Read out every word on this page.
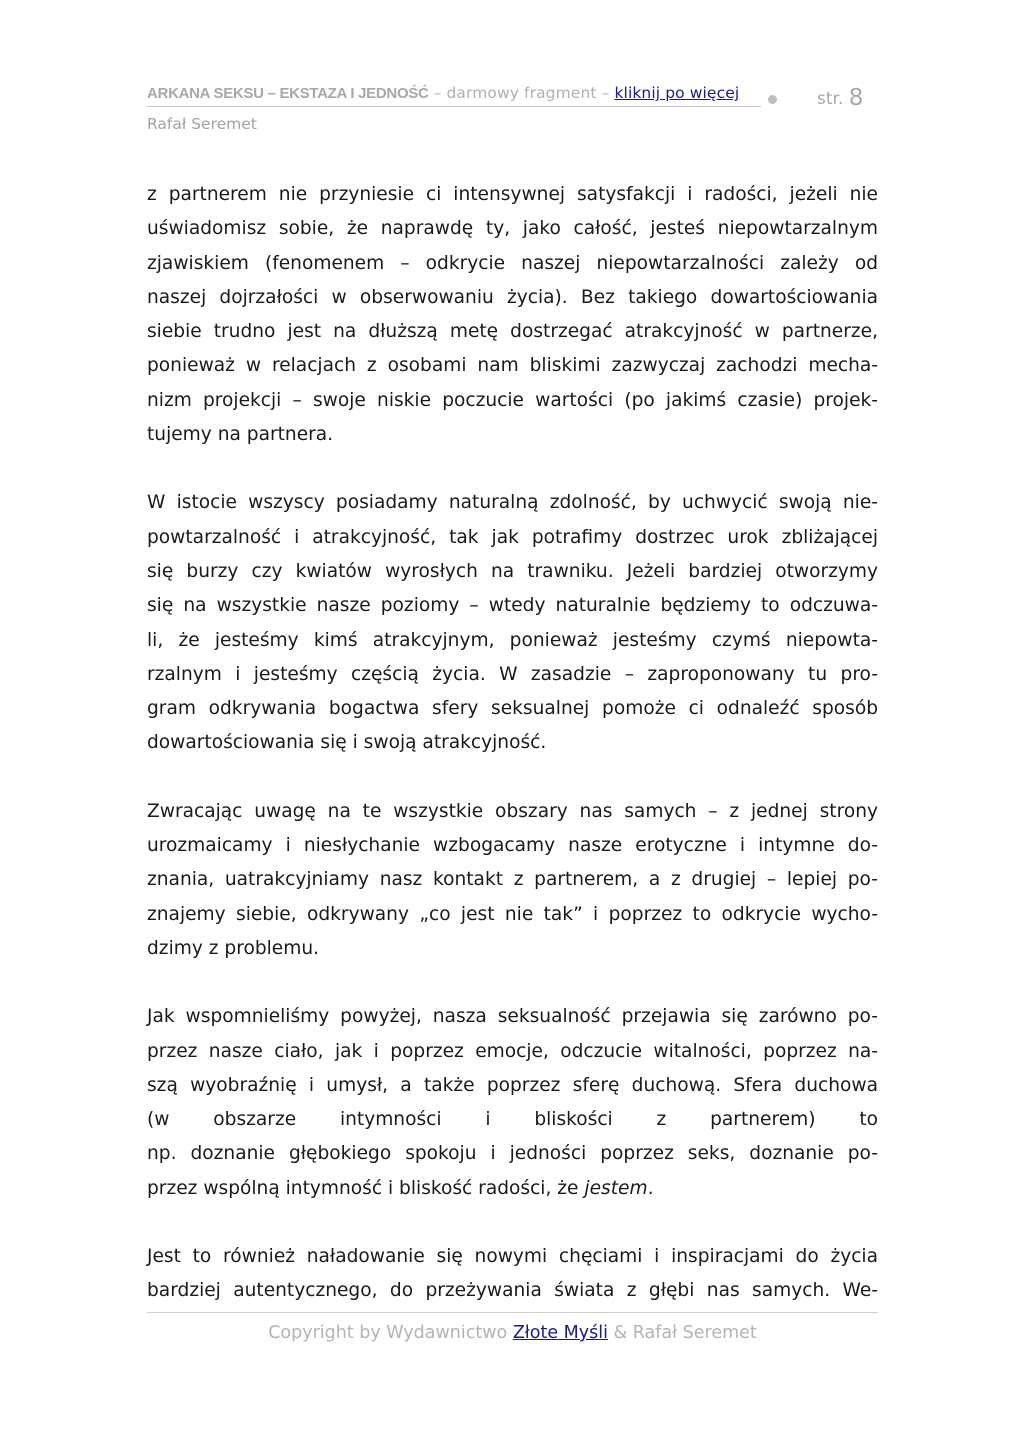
ARKANA SEKSU – EKSTAZA I JEDNOŚĆ – darmowy fragment – kliknij po więcej	str. 8
Rafał Seremet

z partnerem nie przyniesie ci intensywnej satysfakcji i radości, jeżeli nie
uświadomisz sobie, że naprawdę ty, jako całość, jesteś niepowtarzalnym
zjawiskiem (fenomenem – odkrycie naszej niepowtarzalności zależy od
naszej dojrzałości w obserwowaniu życia). Bez takiego dowartościowania
siebie trudno jest na dłuższą metę dostrzegać atrakcyjność w partnerze,
ponieważ w relacjach z osobami nam bliskimi zazwyczaj zachodzi mecha-
nizm projekcji – swoje niskie poczucie wartości (po jakimś czasie) projek-
tujemy na partnera.

W istocie wszyscy posiadamy naturalną zdolność, by uchwycić swoją nie-
powtarzalność i atrakcyjność, tak jak potrafimy dostrzec urok zbliżającej
się burzy czy kwiatów wyrosłych na trawniku. Jeżeli bardziej otworzymy
się na wszystkie nasze poziomy – wtedy naturalnie będziemy to odczuwa-
li, że jesteśmy kimś atrakcyjnym, ponieważ jesteśmy czymś niepowta-
rzalnym i jesteśmy częścią życia. W zasadzie – zaproponowany tu pro-
gram odkrywania bogactwa sfery seksualnej pomoże ci odnaleźć sposób
dowartościowania się i swoją atrakcyjność.

Zwracając uwagę na te wszystkie obszary nas samych – z jednej strony
urozmaicamy i niesłychanie wzbogacamy nasze erotyczne i intymne do-
znania, uatrakcyjniamy nasz kontakt z partnerem, a z drugiej – lepiej po-
znajemy siebie, odkrywany „co jest nie tak” i poprzez to odkrycie wycho-
dzimy z problemu.

Jak wspomnieliśmy powyżej, nasza seksualność przejawia się zarówno po-
przez nasze ciało, jak i poprzez emocje, odczucie witalności, poprzez na-
szą wyobraźnię i umysł, a także poprzez sferę duchową. Sfera duchowa
(w obszarze intymności i bliskości z partnerem) to
np. doznanie głębokiego spokoju i jedności poprzez seks, doznanie po-
przez wspólną intymność i bliskość radości, że jestem.

Jest to również naładowanie się nowymi chęciami i inspiracjami do życia
bardziej autentycznego, do przeżywania świata z głębi nas samych. We-

Copyright by Wydawnictwo Złote Myśli & Rafał Seremet
